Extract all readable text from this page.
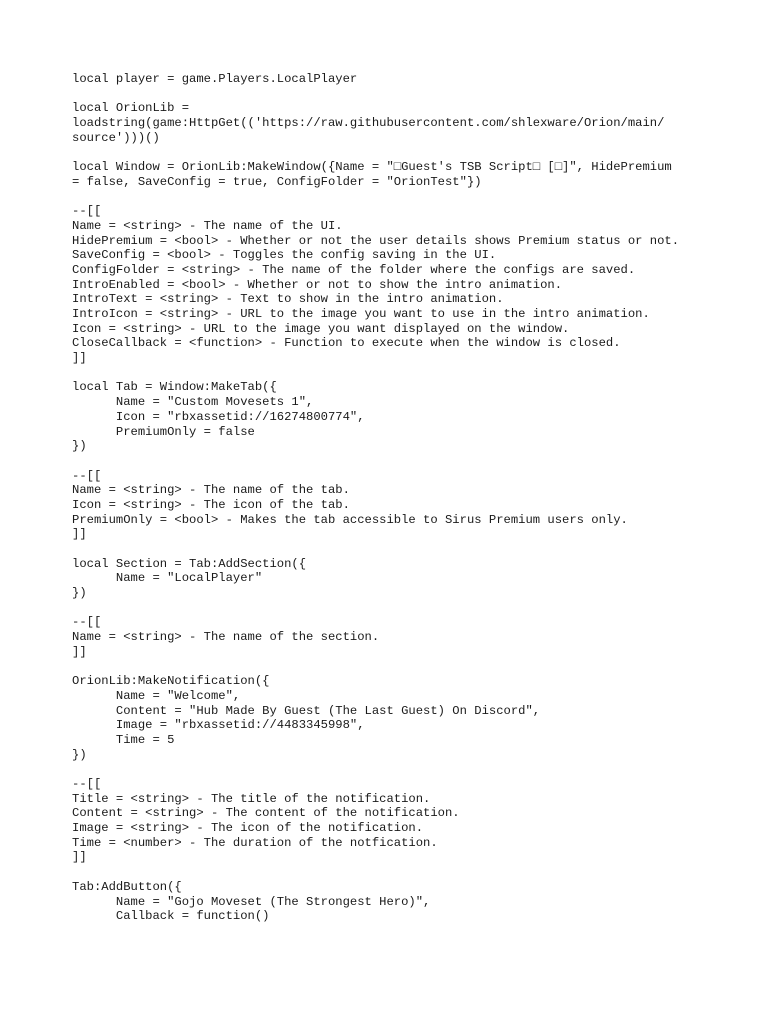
local player = game.Players.LocalPlayer
local OrionLib =
loadstring(game:HttpGet(('https://raw.githubusercontent.com/shlexware/Orion/main/
source')))()
local Window = OrionLib:MakeWindow({Name = "□Guest's TSB Script□ [□]", HidePremium
= false, SaveConfig = true, ConfigFolder = "OrionTest"})
--[[
Name = <string> - The name of the UI.
HidePremium = <bool> - Whether or not the user details shows Premium status or not.
SaveConfig = <bool> - Toggles the config saving in the UI.
ConfigFolder = <string> - The name of the folder where the configs are saved.
IntroEnabled = <bool> - Whether or not to show the intro animation.
IntroText = <string> - Text to show in the intro animation.
IntroIcon = <string> - URL to the image you want to use in the intro animation.
Icon = <string> - URL to the image you want displayed on the window.
CloseCallback = <function> - Function to execute when the window is closed.
]]
local Tab = Window:MakeTab({
Name = "Custom Movesets 1",
Icon = "rbxassetid://16274800774",
PremiumOnly = false
})
--[[
Name = <string> - The name of the tab.
Icon = <string> - The icon of the tab.
PremiumOnly = <bool> - Makes the tab accessible to Sirus Premium users only.
]]
local Section = Tab:AddSection({
Name = "LocalPlayer"
})
--[[
Name = <string> - The name of the section.
]]
OrionLib:MakeNotification({
Name = "Welcome",
Content = "Hub Made By Guest (The Last Guest) On Discord",
Image = "rbxassetid://4483345998",
Time = 5
})
--[[
Title = <string> - The title of the notification.
Content = <string> - The content of the notification.
Image = <string> - The icon of the notification.
Time = <number> - The duration of the notfication.
]]
Tab:AddButton({
Name = "Gojo Moveset (The Strongest Hero)",
Callback = function()
